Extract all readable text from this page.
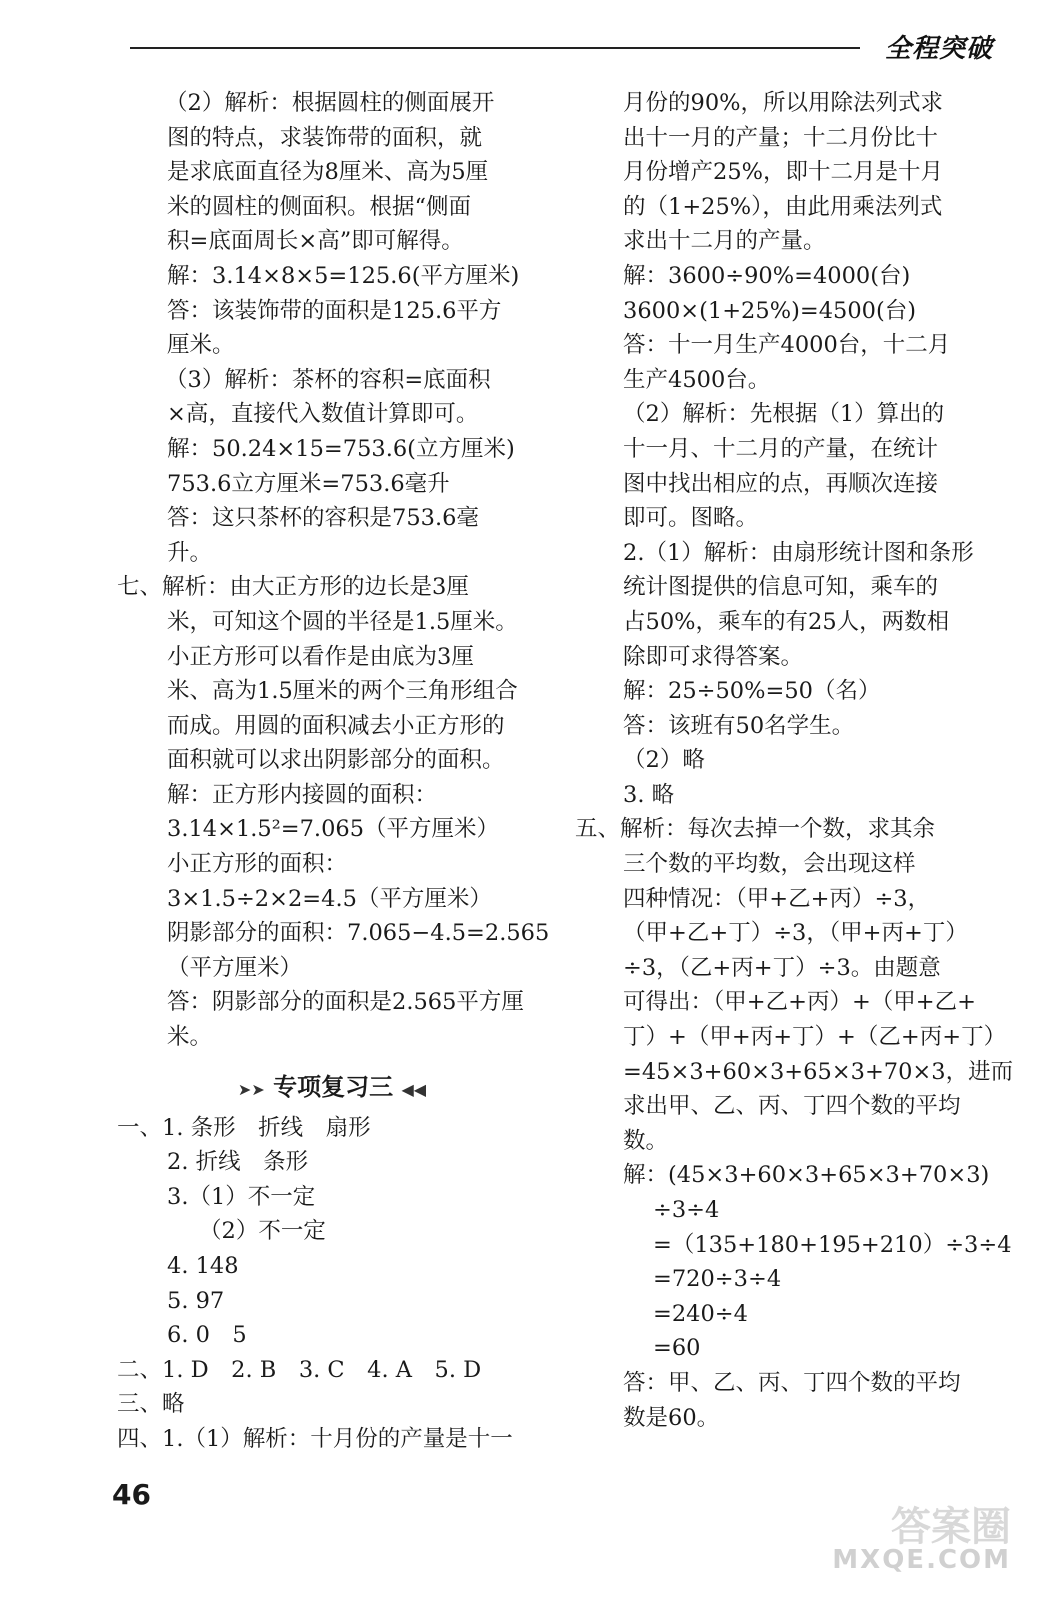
全程突破
（2）解析：根据圆柱的侧面展开
图的特点，求装饰带的面积，就
是求底面直径为8厘米、高为5厘
米的圆柱的侧面积。根据“侧面
积=底面周长×高”即可解得。
解：3.14×8×5=125.6(平方厘米)
答：该装饰带的面积是125.6平方
厘米。
（3）解析：茶杯的容积=底面积
×高，直接代入数值计算即可。
解：50.24×15=753.6(立方厘米)
753.6立方厘米=753.6毫升
答：这只茶杯的容积是753.6毫
升。
七、解析：由大正方形的边长是3厘
米，可知这个圆的半径是1.5厘米。
小正方形可以看作是由底为3厘
米、高为1.5厘米的两个三角形组合
而成。用圆的面积减去小正方形的
面积就可以求出阴影部分的面积。
解：正方形内接圆的面积：
3.14×1.5²=7.065（平方厘米）
小正方形的面积：
3×1.5÷2×2=4.5（平方厘米）
阴影部分的面积：7.065−4.5=2.565
（平方厘米）
答：阴影部分的面积是2.565平方厘
米。
➤➤ 专项复习三 ◀◀
一、1. 条形　折线　扇形
2. 折线　条形
3.（1）不一定
（2）不一定
4. 148
5. 97
6. 0　5
二、1. D　2. B　3. C　4. A　5. D
三、略
四、1.（1）解析：十月份的产量是十一
月份的90%，所以用除法列式求
出十一月的产量；十二月份比十
月份增产25%，即十二月是十月
的（1+25%），由此用乘法列式
求出十二月的产量。
解：3600÷90%=4000(台)
3600×(1+25%)=4500(台)
答：十一月生产4000台，十二月
生产4500台。
（2）解析：先根据（1）算出的
十一月、十二月的产量，在统计
图中找出相应的点，再顺次连接
即可。图略。
2.（1）解析：由扇形统计图和条形
统计图提供的信息可知，乘车的
占50%，乘车的有25人，两数相
除即可求得答案。
解：25÷50%=50（名）
答：该班有50名学生。
（2）略
3. 略
五、解析：每次去掉一个数，求其余
三个数的平均数，会出现这样
四种情况：（甲+乙+丙）÷3，
（甲+乙+丁）÷3，（甲+丙+丁）
÷3，（乙+丙+丁）÷3。由题意
可得出：（甲+乙+丙）+（甲+乙+
丁）+（甲+丙+丁）+（乙+丙+丁）
=45×3+60×3+65×3+70×3，进而
求出甲、乙、丙、丁四个数的平均
数。
解：(45×3+60×3+65×3+70×3)
÷3÷4
=（135+180+195+210）÷3÷4
=720÷3÷4
=240÷4
=60
答：甲、乙、丙、丁四个数的平均
数是60。
46
答案圈
MXQE.COM
